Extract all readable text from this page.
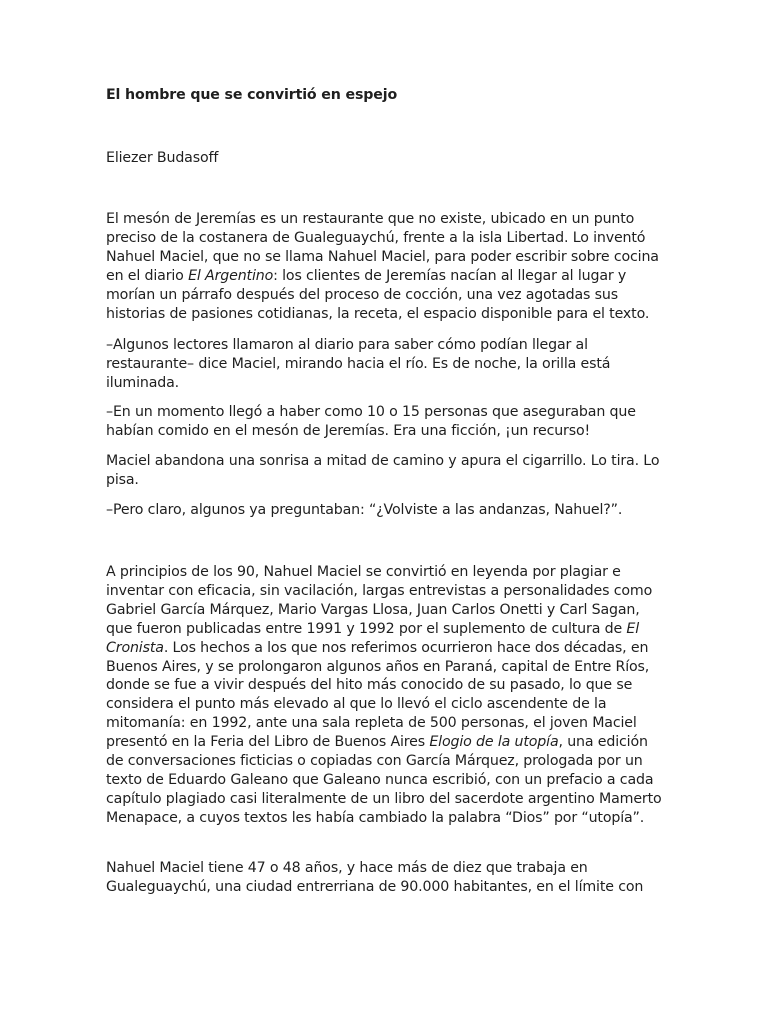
El hombre que se convirtió en espejo

Eliezer Budasoff

El mesón de Jeremías es un restaurante que no existe, ubicado en un punto preciso de la costanera de Gualeguaychú, frente a la isla Libertad. Lo inventó Nahuel Maciel, que no se llama Nahuel Maciel, para poder escribir sobre cocina en el diario El Argentino: los clientes de Jeremías nacían al llegar al lugar y morían un párrafo después del proceso de cocción, una vez agotadas sus historias de pasiones cotidianas, la receta, el espacio disponible para el texto.

–Algunos lectores llamaron al diario para saber cómo podían llegar al restaurante– dice Maciel, mirando hacia el río. Es de noche, la orilla está iluminada.

–En un momento llegó a haber como 10 o 15 personas que aseguraban que habían comido en el mesón de Jeremías. Era una ficción, ¡un recurso!

Maciel abandona una sonrisa a mitad de camino y apura el cigarrillo. Lo tira. Lo pisa.

–Pero claro, algunos ya preguntaban: “¿Volviste a las andanzas, Nahuel?”.

A principios de los 90, Nahuel Maciel se convirtió en leyenda por plagiar e inventar con eficacia, sin vacilación, largas entrevistas a personalidades como Gabriel García Márquez, Mario Vargas Llosa, Juan Carlos Onetti y Carl Sagan, que fueron publicadas entre 1991 y 1992 por el suplemento de cultura de El Cronista. Los hechos a los que nos referimos ocurrieron hace dos décadas, en Buenos Aires, y se prolongaron algunos años en Paraná, capital de Entre Ríos, donde se fue a vivir después del hito más conocido de su pasado, lo que se considera el punto más elevado al que lo llevó el ciclo ascendente de la mitomanía: en 1992, ante una sala repleta de 500 personas, el joven Maciel presentó en la Feria del Libro de Buenos Aires Elogio de la utopía, una edición de conversaciones ficticias o copiadas con García Márquez, prologada por un texto de Eduardo Galeano que Galeano nunca escribió, con un prefacio a cada capítulo plagiado casi literalmente de un libro del sacerdote argentino Mamerto Menapace, a cuyos textos les había cambiado la palabra “Dios” por “utopía”.

Nahuel Maciel tiene 47 o 48 años, y hace más de diez que trabaja en Gualeguaychú, una ciudad entrerriana de 90.000 habitantes, en el límite con
